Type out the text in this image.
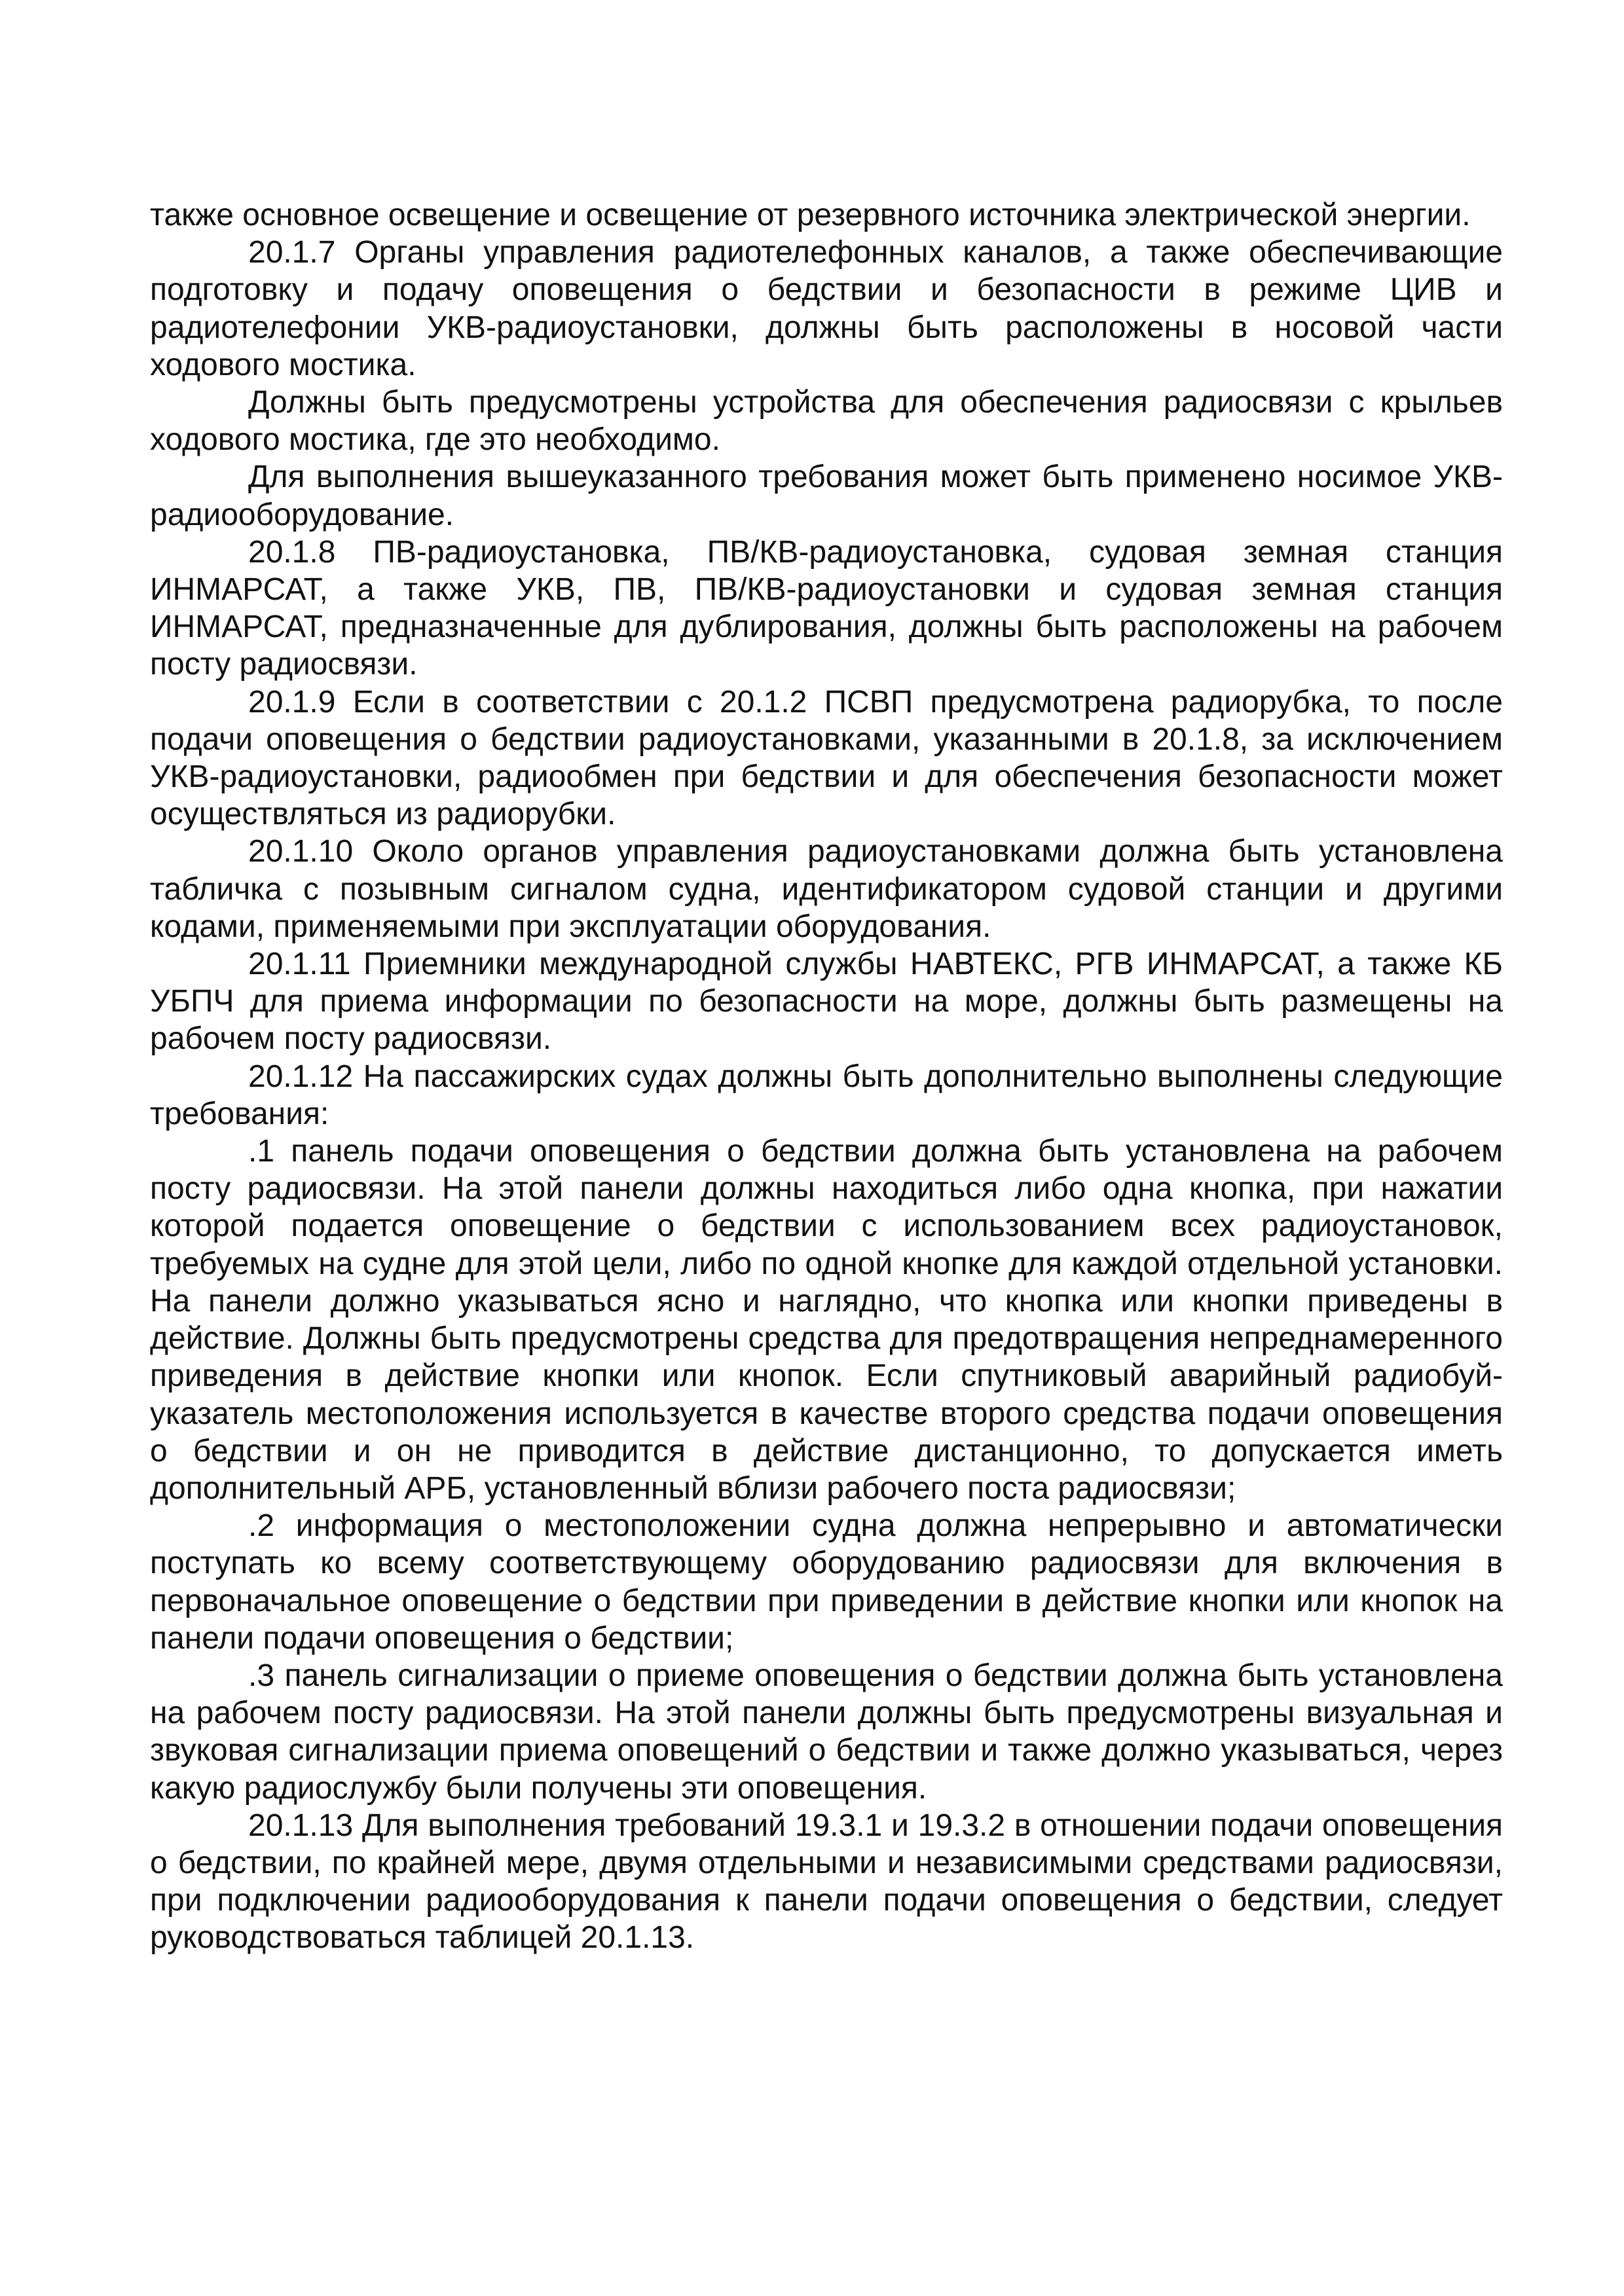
также основное освещение и освещение от резервного источника электрической энергии.

20.1.7 Органы управления радиотелефонных каналов, а также обеспечивающие подготовку и подачу оповещения о бедствии и безопасности в режиме ЦИВ и радиотелефонии УКВ-радиоустановки, должны быть расположены в носовой части ходового мостика.

Должны быть предусмотрены устройства для обеспечения радиосвязи с крыльев ходового мостика, где это необходимо.

Для выполнения вышеуказанного требования может быть применено носимое УКВ-радиооборудование.

20.1.8 ПВ-радиоустановка, ПВ/КВ-радиоустановка, судовая земная станция ИНМАРСАТ, а также УКВ, ПВ, ПВ/КВ-радиоустановки и судовая земная станция ИНМАРСАТ, предназначенные для дублирования, должны быть расположены на рабочем посту радиосвязи.

20.1.9 Если в соответствии с 20.1.2 ПСВП предусмотрена радиорубка, то после подачи оповещения о бедствии радиоустановками, указанными в 20.1.8, за исключением УКВ-радиоустановки, радиообмен при бедствии и для обеспечения безопасности может осуществляться из радиорубки.

20.1.10 Около органов управления радиоустановками должна быть установлена табличка с позывным сигналом судна, идентификатором судовой станции и другими кодами, применяемыми при эксплуатации оборудования.

20.1.11 Приемники международной службы НАВТЕКС, РГВ ИНМАРСАТ, а также КБ УБПЧ для приема информации по безопасности на море, должны быть размещены на рабочем посту радиосвязи.

20.1.12 На пассажирских судах должны быть дополнительно выполнены следующие требования:

.1 панель подачи оповещения о бедствии должна быть установлена на рабочем посту радиосвязи. На этой панели должны находиться либо одна кнопка, при нажатии которой подается оповещение о бедствии с использованием всех радиоустановок, требуемых на судне для этой цели, либо по одной кнопке для каждой отдельной установки. На панели должно указываться ясно и наглядно, что кнопка или кнопки приведены в действие. Должны быть предусмотрены средства для предотвращения непреднамеренного приведения в действие кнопки или кнопок. Если спутниковый аварийный радиобуй-указатель местоположения используется в качестве второго средства подачи оповещения о бедствии и он не приводится в действие дистанционно, то допускается иметь дополнительный АРБ, установленный вблизи рабочего поста радиосвязи;

.2 информация о местоположении судна должна непрерывно и автоматически поступать ко всему соответствующему оборудованию радиосвязи для включения в первоначальное оповещение о бедствии при приведении в действие кнопки или кнопок на панели подачи оповещения о бедствии;

.3 панель сигнализации о приеме оповещения о бедствии должна быть установлена на рабочем посту радиосвязи. На этой панели должны быть предусмотрены визуальная и звуковая сигнализации приема оповещений о бедствии и также должно указываться, через какую радиослужбу были получены эти оповещения.

20.1.13 Для выполнения требований 19.3.1 и 19.3.2 в отношении подачи оповещения о бедствии, по крайней мере, двумя отдельными и независимыми средствами радиосвязи, при подключении радиооборудования к панели подачи оповещения о бедствии, следует руководствоваться таблицей 20.1.13.
